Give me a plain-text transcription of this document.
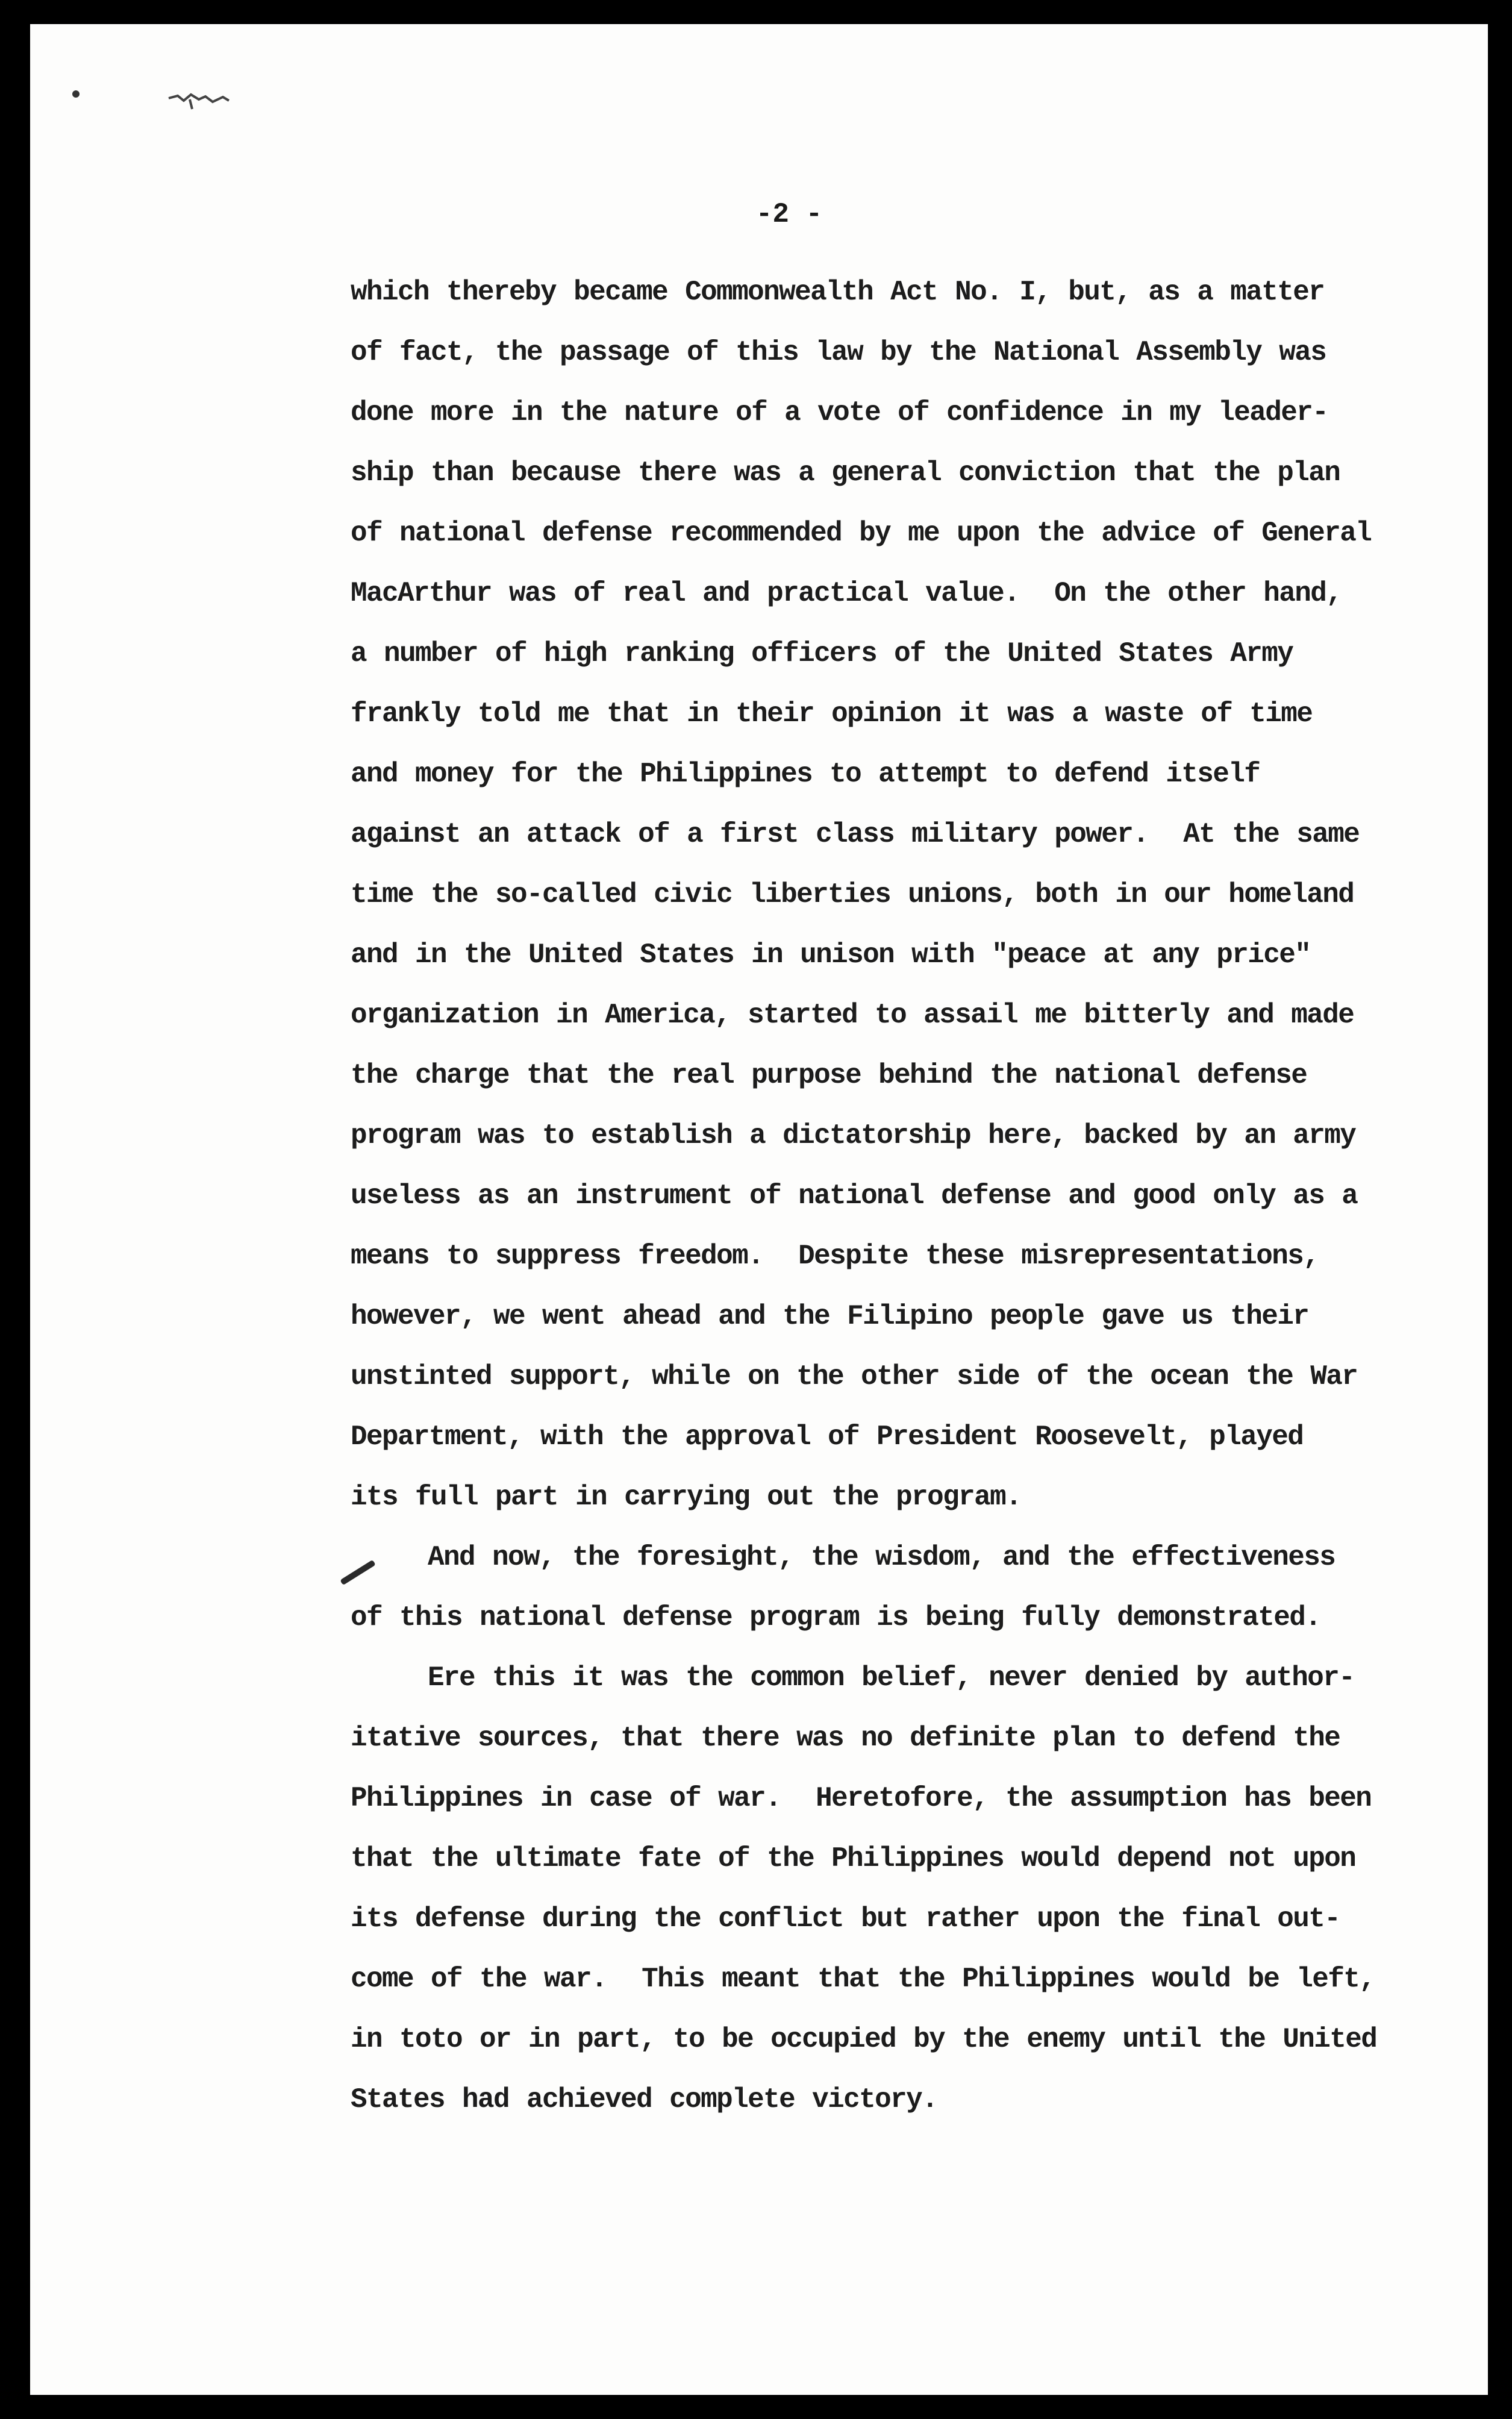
-2 -
which thereby became Commonwealth Act No. I, but, as a matter
of fact, the passage of this law by the National Assembly was
done more in the nature of a vote of confidence in my leader-
ship than because there was a general conviction that the plan
of national defense recommended by me upon the advice of General
MacArthur was of real and practical value.  On the other hand,
a number of high ranking officers of the United States Army
frankly told me that in their opinion it was a waste of time
and money for the Philippines to attempt to defend itself
against an attack of a first class military power.  At the same
time the so-called civic liberties unions, both in our homeland
and in the United States in unison with "peace at any price"
organization in America, started to assail me bitterly and made
the charge that the real purpose behind the national defense
program was to establish a dictatorship here, backed by an army
useless as an instrument of national defense and good only as a
means to suppress freedom.  Despite these misrepresentations,
however, we went ahead and the Filipino people gave us their
unstinted support, while on the other side of the ocean the War
Department, with the approval of President Roosevelt, played
its full part in carrying out the program.
And now, the foresight, the wisdom, and the effectiveness
of this national defense program is being fully demonstrated.
Ere this it was the common belief, never denied by author-
itative sources, that there was no definite plan to defend the
Philippines in case of war.  Heretofore, the assumption has been
that the ultimate fate of the Philippines would depend not upon
its defense during the conflict but rather upon the final out-
come of the war.  This meant that the Philippines would be left,
in toto or in part, to be occupied by the enemy until the United
States had achieved complete victory.
